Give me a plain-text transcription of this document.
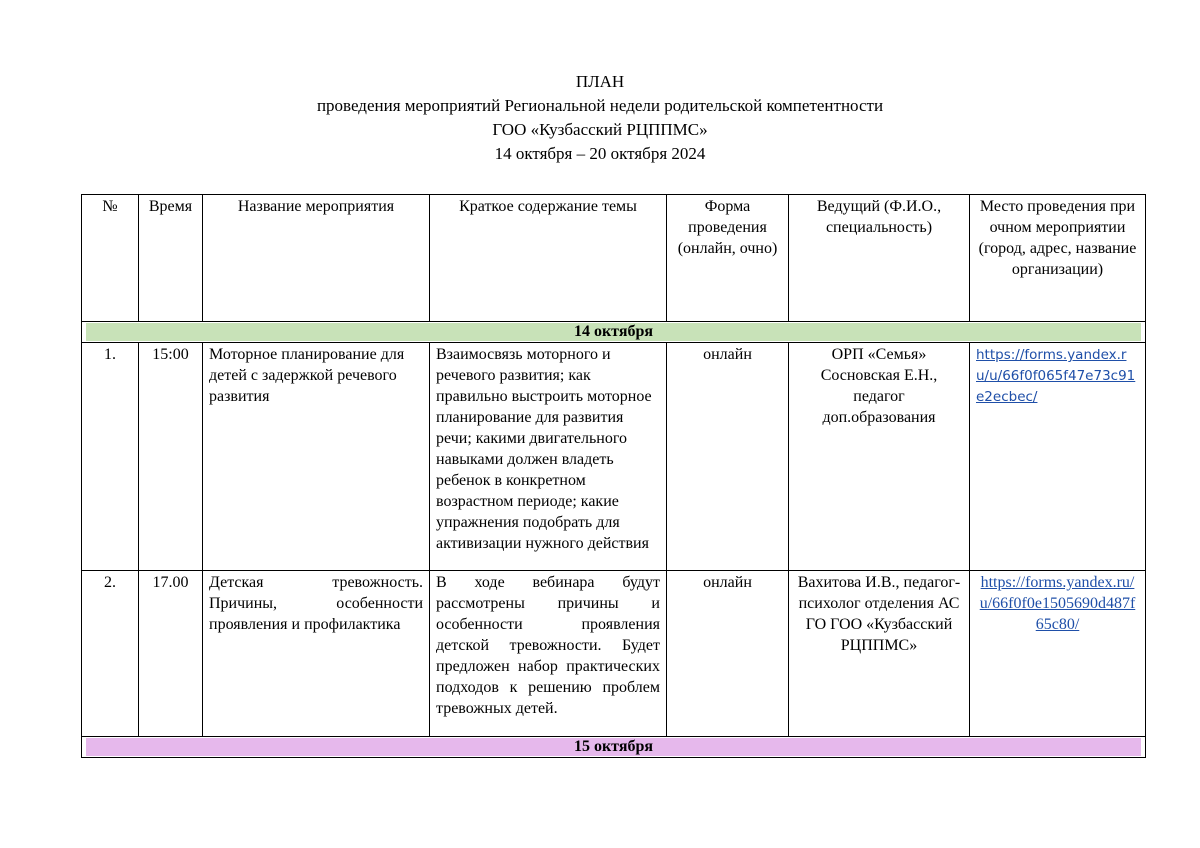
ПЛАН
проведения мероприятий Региональной недели родительской компетентности
ГОО «Кузбасский РЦППМС»
14 октября – 20 октября 2024
№	Время	Название мероприятия	Краткое содержание темы	Форма проведения (онлайн, очно)	Ведущий (Ф.И.О., специальность)	Место проведения при очном мероприятии (город, адрес, название организации)

14 октября						

1.	15:00	Моторное планирование для детей с задержкой речевого развития	Взаимосвязь моторного и речевого развития; как правильно выстроить моторное планирование для развития речи; какими двигательного навыками должен владеть ребенок в конкретном возрастном периоде; какие упражнения подобрать для активизации нужного действия	онлайн	ОРП «Семья» Сосновская Е.Н., педагог доп.образования	https://forms.yandex.ru/u/66f0f065f47e73c91e2ecbec/
2.	17.00	Детская тревожность. Причины, особенности проявления и профилактика	В ходе вебинара будут рассмотрены причины и особенности проявления детской тревожности. Будет предложен набор практических подходов к решению проблем тревожных детей.	онлайн	Вахитова И.В., педагог-психолог отделения АС ГО ГОО «Кузбасский РЦППМС»	https://forms.yandex.ru/u/66f0f0e1505690d487f65c80/

15 октября						
